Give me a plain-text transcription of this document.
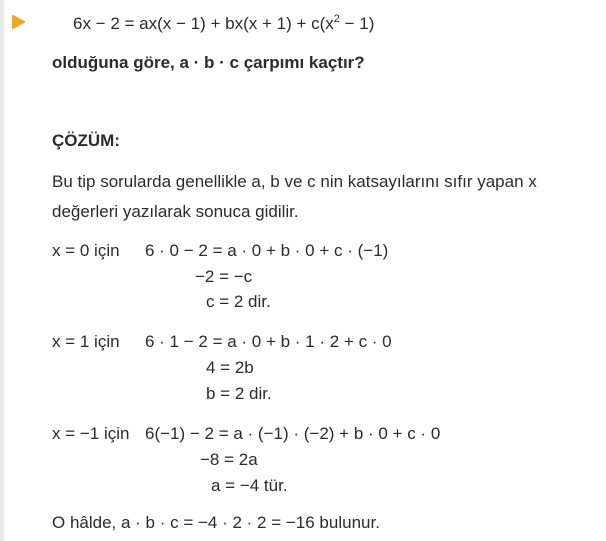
$6x - 2 = ax(x - 1) + bx(x + 1) + c(x^2 - 1)$
olduğuna göre, a · b · c çarpımı kaçtır?
ÇÖZÜM:
Bu tip sorularda genellikle a, b ve c nin katsayılarını sıfır yapan x
değerleri yazılarak sonuca gidilir.
x = 0 için 6 · 0 − 2 = a · 0 + b · 0 + c · (−1)
−2 = −c
c = 2 dir.
x = 1 için 6 · 1 − 2 = a · 0 + b · 1 · 2 + c · 0
4 = 2b
b = 2 dir.
x = −1 için 6(−1) − 2 = a · (−1) · (−2) + b · 0 + c · 0
−8 = 2a
a = −4 tür.
O hâlde, a · b · c = −4 · 2 · 2 = −16 bulunur.
